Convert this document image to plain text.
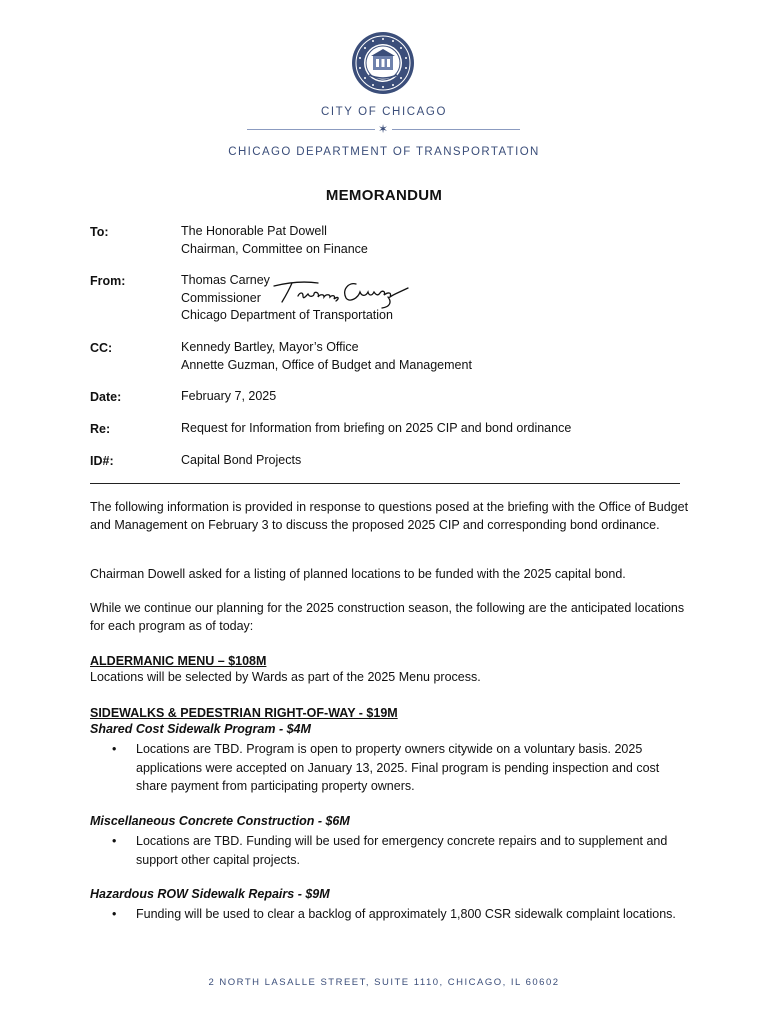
CITY OF CHICAGO
✶
CHICAGO DEPARTMENT OF TRANSPORTATION
MEMORANDUM
To:	The Honorable Pat Dowell
Chairman, Committee on Finance
From:	Thomas Carney
Commissioner
Chicago Department of Transportation
CC:	Kennedy Bartley, Mayor’s Office
Annette Guzman, Office of Budget and Management
Date:	February 7, 2025
Re:	Request for Information from briefing on 2025 CIP and bond ordinance
ID#:	Capital Bond Projects
The following information is provided in response to questions posed at the briefing with the Office of Budget and Management on February 3 to discuss the proposed 2025 CIP and corresponding bond ordinance.
Chairman Dowell asked for a listing of planned locations to be funded with the 2025 capital bond.
While we continue our planning for the 2025 construction season, the following are the anticipated locations for each program as of today:
ALDERMANIC MENU – $108M
Locations will be selected by Wards as part of the 2025 Menu process.
SIDEWALKS & PEDESTRIAN RIGHT-OF-WAY - $19M
Shared Cost Sidewalk Program - $4M
•	Locations are TBD. Program is open to property owners citywide on a voluntary basis. 2025 applications were accepted on January 13, 2025. Final program is pending inspection and cost share payment from participating property owners.
Miscellaneous Concrete Construction - $6M
•	Locations are TBD. Funding will be used for emergency concrete repairs and to supplement and support other capital projects.
Hazardous ROW Sidewalk Repairs - $9M
•	Funding will be used to clear a backlog of approximately 1,800 CSR sidewalk complaint locations.
2 NORTH LASALLE STREET, SUITE 1110, CHICAGO, IL 60602
